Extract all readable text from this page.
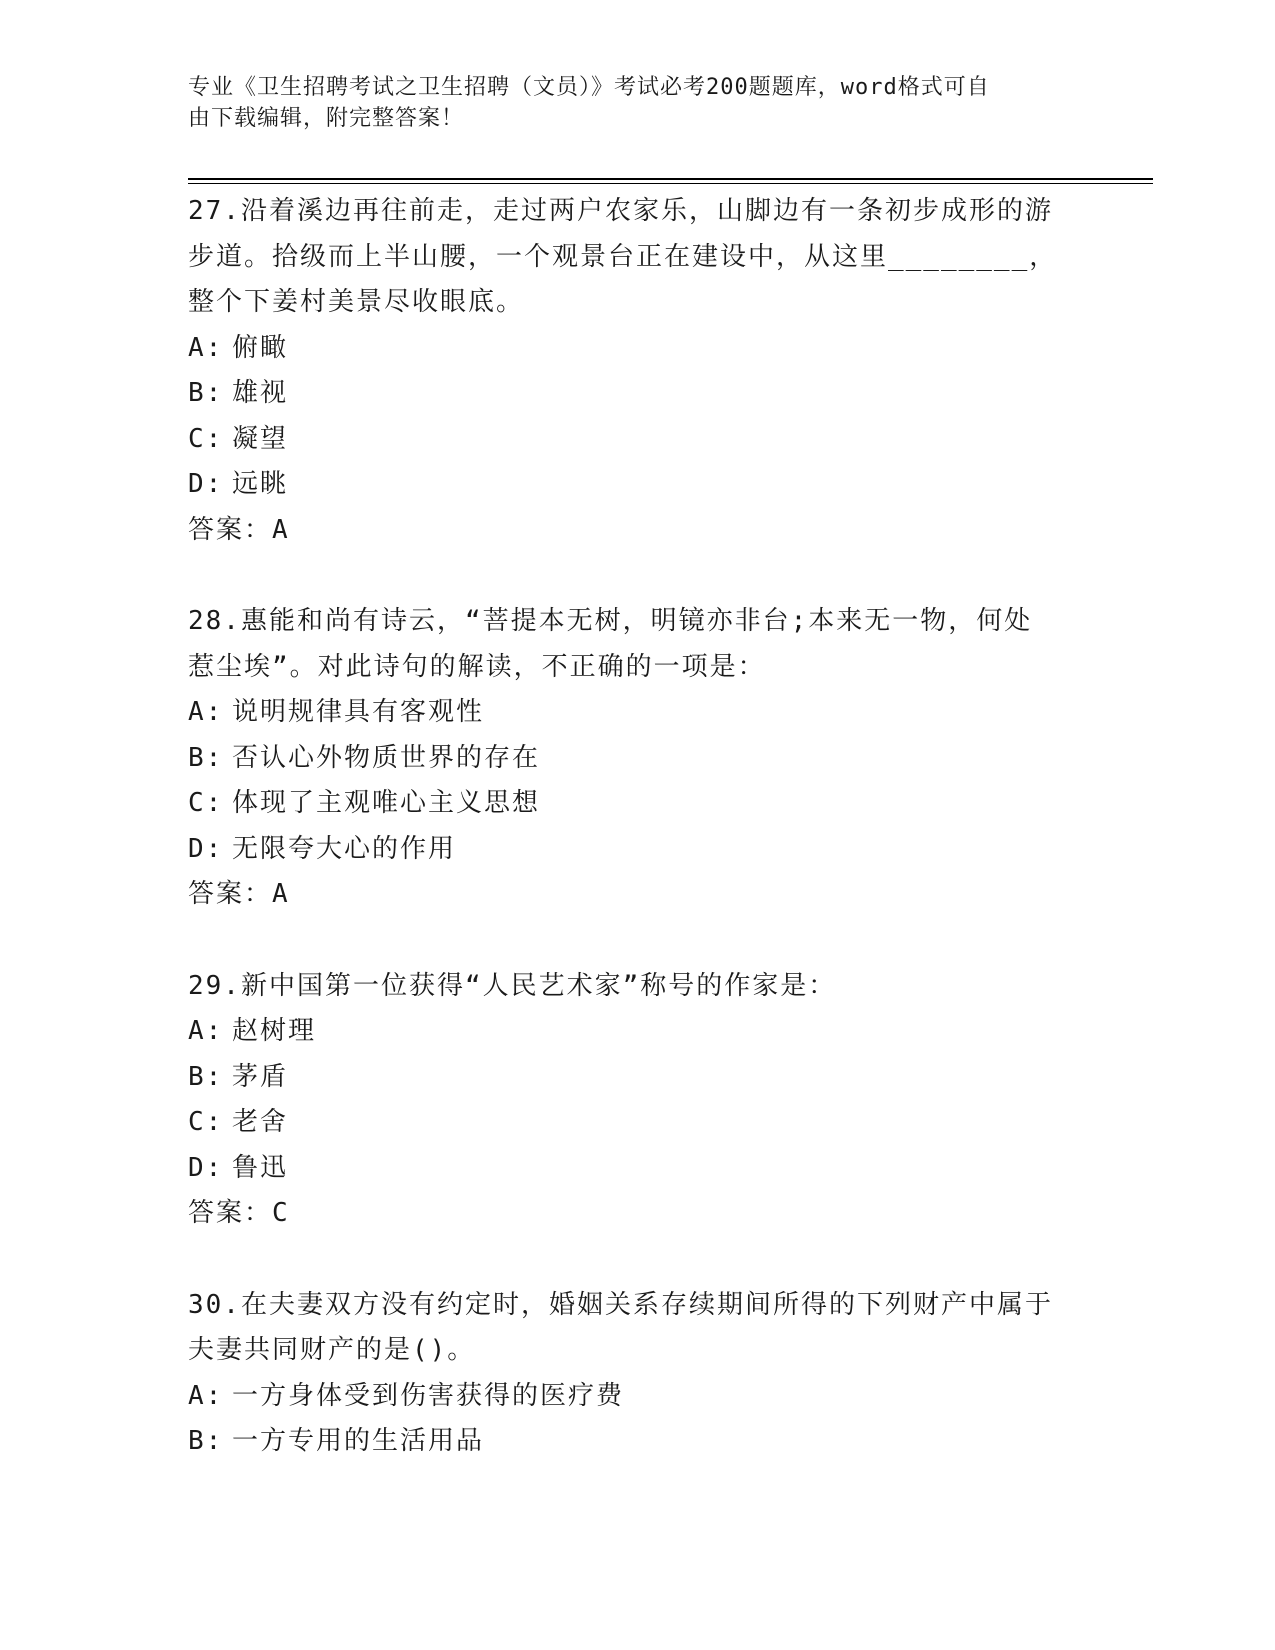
专业《卫生招聘考试之卫生招聘（文员）》考试必考200题题库，word格式可自
由下载编辑，附完整答案！
27.沿着溪边再往前走，走过两户农家乐，山脚边有一条初步成形的游
步道。拾级而上半山腰，一个观景台正在建设中，从这里________，
整个下姜村美景尽收眼底。
A: 俯瞰
B: 雄视
C: 凝望
D: 远眺
答案：A
28.惠能和尚有诗云，“菩提本无树，明镜亦非台;本来无一物，何处
惹尘埃”。对此诗句的解读，不正确的一项是：
A: 说明规律具有客观性
B: 否认心外物质世界的存在
C: 体现了主观唯心主义思想
D: 无限夸大心的作用
答案：A
29.新中国第一位获得“人民艺术家”称号的作家是：
A: 赵树理
B: 茅盾
C: 老舍
D: 鲁迅
答案：C
30.在夫妻双方没有约定时，婚姻关系存续期间所得的下列财产中属于
夫妻共同财产的是()。
A: 一方身体受到伤害获得的医疗费
B: 一方专用的生活用品
